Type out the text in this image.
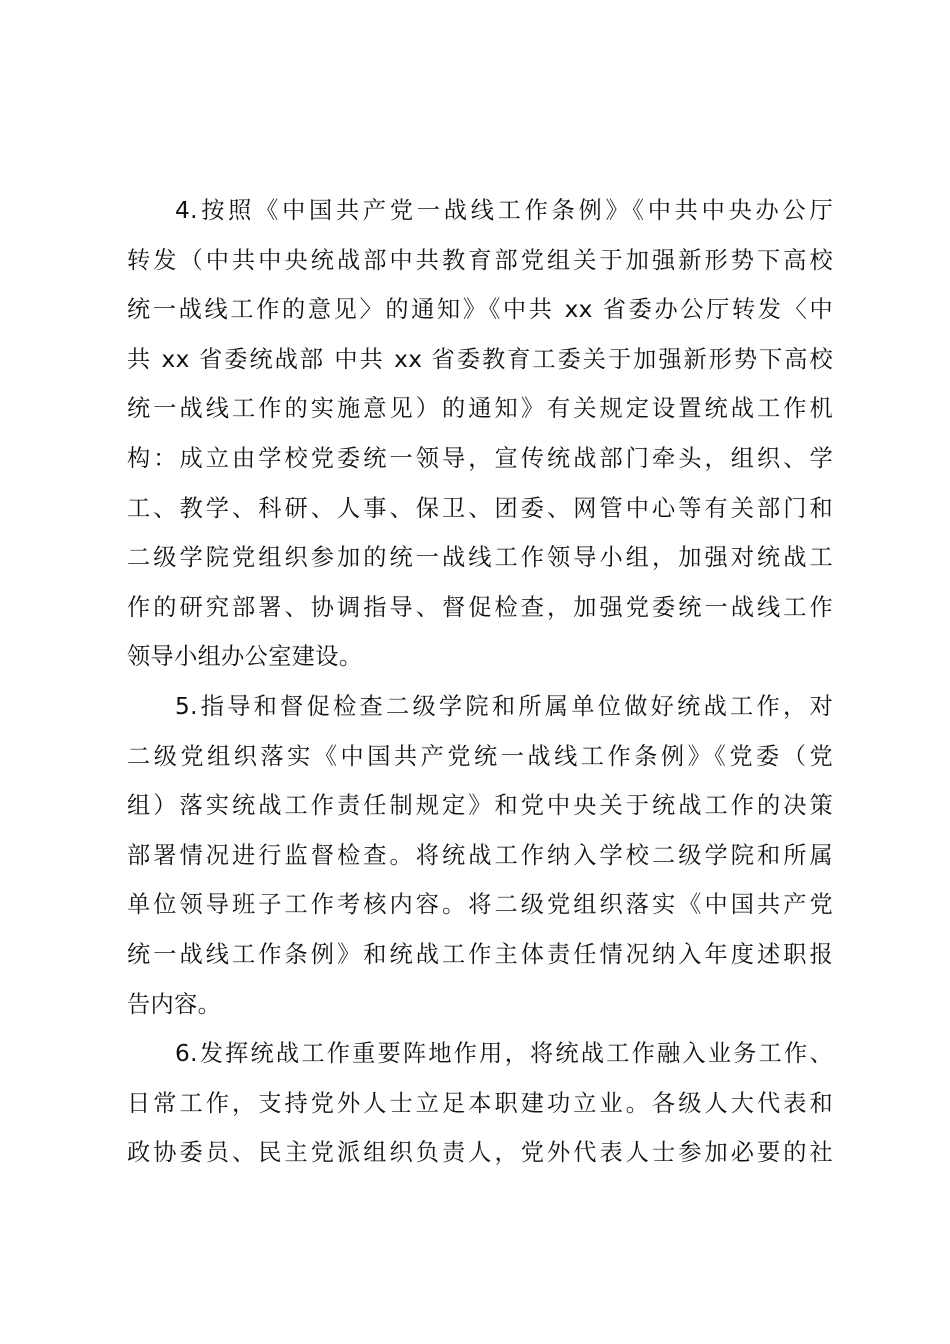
4.按照《中国共产党一战线工作条例》《中共中央办公厅
转发（中共中央统战部中共教育部党组关于加强新形势下高校
统一战线工作的意见〉的通知》《中共 xx 省委办公厅转发〈中
共 xx 省委统战部 中共 xx 省委教育工委关于加强新形势下高校
统一战线工作的实施意见）的通知》有关规定设置统战工作机
构：成立由学校党委统一领导，宣传统战部门牵头，组织、学
工、教学、科研、人事、保卫、团委、网管中心等有关部门和
二级学院党组织参加的统一战线工作领导小组，加强对统战工
作的研究部署、协调指导、督促检查，加强党委统一战线工作
领导小组办公室建设。
5.指导和督促检查二级学院和所属单位做好统战工作，对
二级党组织落实《中国共产党统一战线工作条例》《党委（党
组）落实统战工作责任制规定》和党中央关于统战工作的决策
部署情况进行监督检查。将统战工作纳入学校二级学院和所属
单位领导班子工作考核内容。将二级党组织落实《中国共产党
统一战线工作条例》和统战工作主体责任情况纳入年度述职报
告内容。
6.发挥统战工作重要阵地作用，将统战工作融入业务工作、
日常工作，支持党外人士立足本职建功立业。各级人大代表和
政协委员、民主党派组织负责人，党外代表人士参加必要的社
